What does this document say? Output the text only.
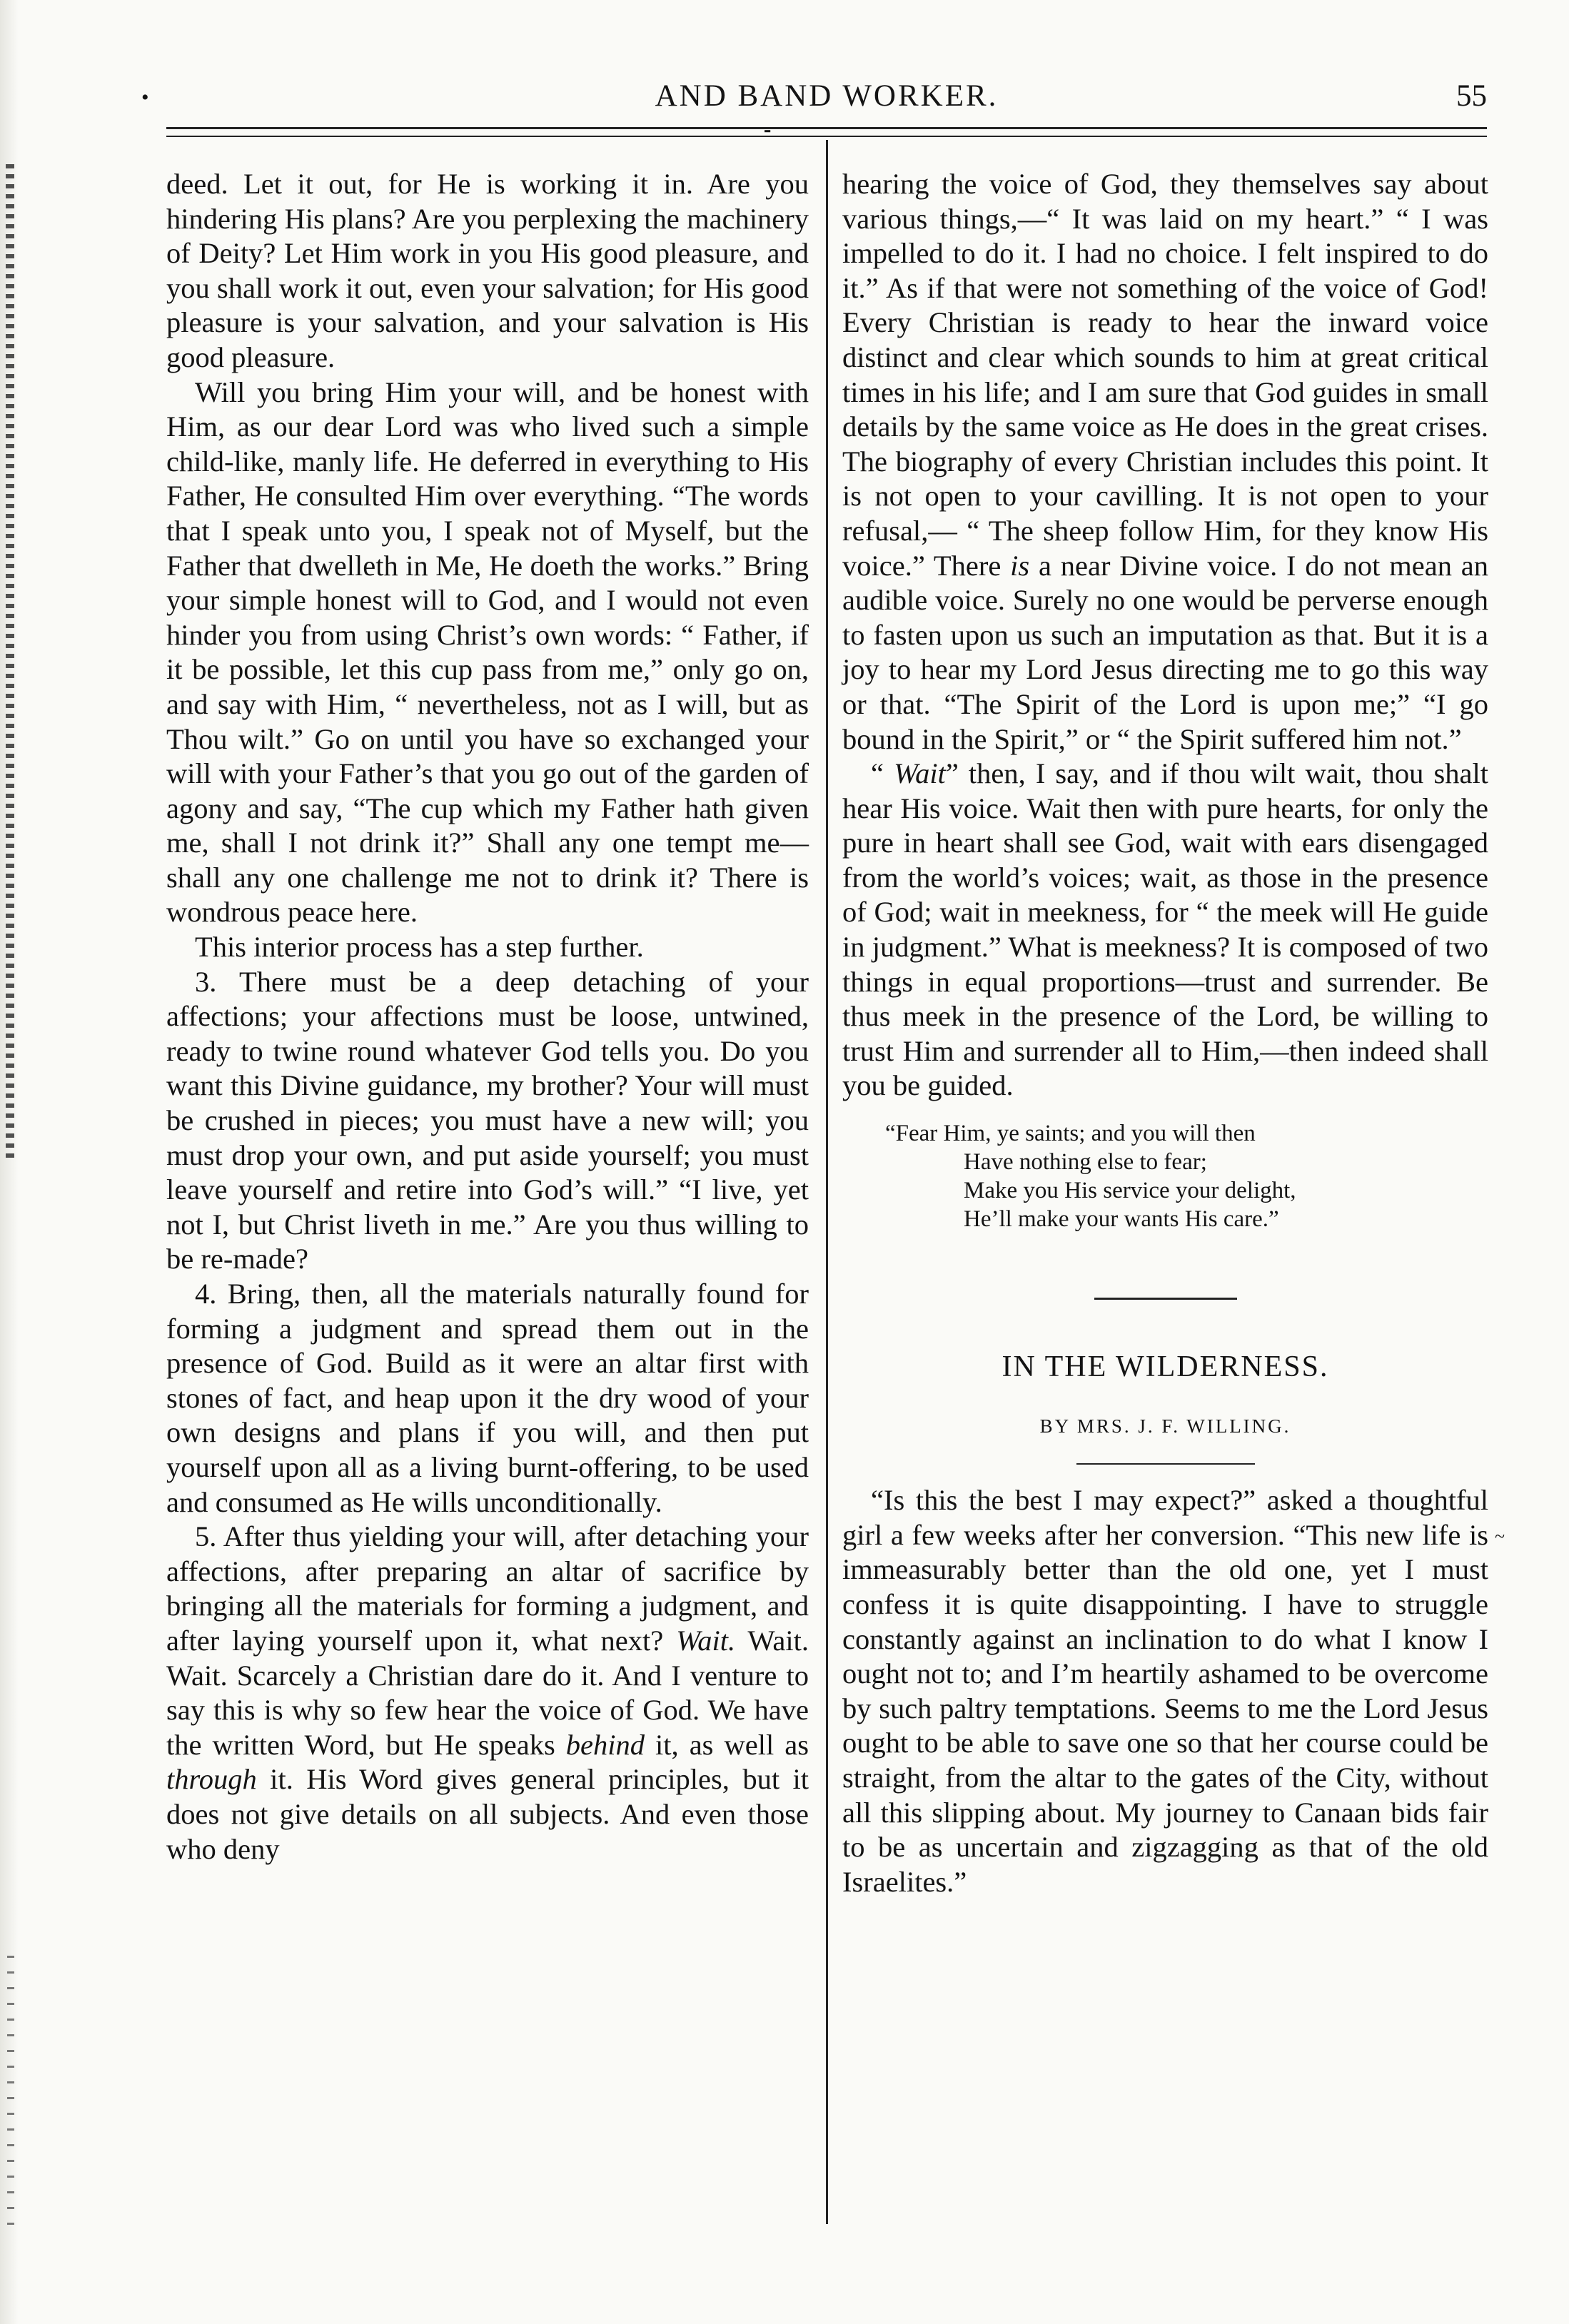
•	AND BAND WORKER.	55
⁃

deed. Let it out, for He is working it in. Are you hindering His plans? Are you perplexing the machinery of Deity? Let Him work in you His good pleasure, and you shall work it out, even your salvation; for His good pleasure is your salvation, and your salvation is His good pleasure.

Will you bring Him your will, and be honest with Him, as our dear Lord was who lived such a simple child-like, manly life. He deferred in everything to His Father, He consulted Him over everything. “The words that I speak unto you, I speak not of Myself, but the Father that dwelleth in Me, He doeth the works.” Bring your simple honest will to God, and I would not even hinder you from using Christ’s own words: “ Father, if it be possible, let this cup pass from me,” only go on, and say with Him, “ nevertheless, not as I will, but as Thou wilt.” Go on until you have so exchanged your will with your Father’s that you go out of the garden of agony and say, “The cup which my Father hath given me, shall I not drink it?” Shall any one tempt me—shall any one challenge me not to drink it? There is wondrous peace here.

This interior process has a step further.

3. There must be a deep detaching of your affections; your affections must be loose, untwined, ready to twine round whatever God tells you. Do you want this Divine guidance, my brother? Your will must be crushed in pieces; you must have a new will; you must drop your own, and put aside yourself; you must leave yourself and retire into God’s will.” “I live, yet not I, but Christ liveth in me.” Are you thus willing to be re-made?

4. Bring, then, all the materials naturally found for forming a judgment and spread them out in the presence of God. Build as it were an altar first with stones of fact, and heap upon it the dry wood of your own designs and plans if you will, and then put yourself upon all as a living burnt-offering, to be used and consumed as He wills unconditionally.

5. After thus yielding your will, after detaching your affections, after preparing an altar of sacrifice by bringing all the materials for forming a judgment, and after laying yourself upon it, what next? Wait. Wait. Wait. Scarcely a Christian dare do it. And I venture to say this is why so few hear the voice of God. We have the written Word, but He speaks behind it, as well as through it. His Word gives general principles, but it does not give details on all subjects. And even those who deny

hearing the voice of God, they themselves say about various things,—“ It was laid on my heart.” “ I was impelled to do it. I had no choice. I felt inspired to do it.” As if that were not something of the voice of God! Every Christian is ready to hear the inward voice distinct and clear which sounds to him at great critical times in his life; and I am sure that God guides in small details by the same voice as He does in the great crises. The biography of every Christian includes this point. It is not open to your cavilling. It is not open to your refusal,— “ The sheep follow Him, for they know His voice.” There is a near Divine voice. I do not mean an audible voice. Surely no one would be perverse enough to fasten upon us such an imputation as that. But it is a joy to hear my Lord Jesus directing me to go this way or that. “The Spirit of the Lord is upon me;” “I go bound in the Spirit,” or “ the Spirit suffered him not.”

“ Wait” then, I say, and if thou wilt wait, thou shalt hear His voice. Wait then with pure hearts, for only the pure in heart shall see God, wait with ears disengaged from the world’s voices; wait, as those in the presence of God; wait in meekness, for “ the meek will He guide in judgment.” What is meekness? It is composed of two things in equal proportions—trust and surrender. Be thus meek in the presence of the Lord, be willing to trust Him and surrender all to Him,—then indeed shall you be guided.

“Fear Him, ye saints; and you will then
Have nothing else to fear;
Make you His service your delight,
He’ll make your wants His care.”
IN THE WILDERNESS.
BY MRS. J. F. WILLING.

“Is this the best I may expect?” asked a thoughtful girl a few weeks after her conversion. “This new life is immeasurably better than the old one, yet I must confess it is quite disappointing. I have to struggle constantly against an inclination to do what I know I ought not to; and I’m heartily ashamed to be overcome by such paltry temptations. Seems to me the Lord Jesus ought to be able to save one so that her course could be straight, from the altar to the gates of the City, without all this slipping about. My journey to Canaan bids fair to be as uncertain and zigzagging as that of the old Israelites.”

~
